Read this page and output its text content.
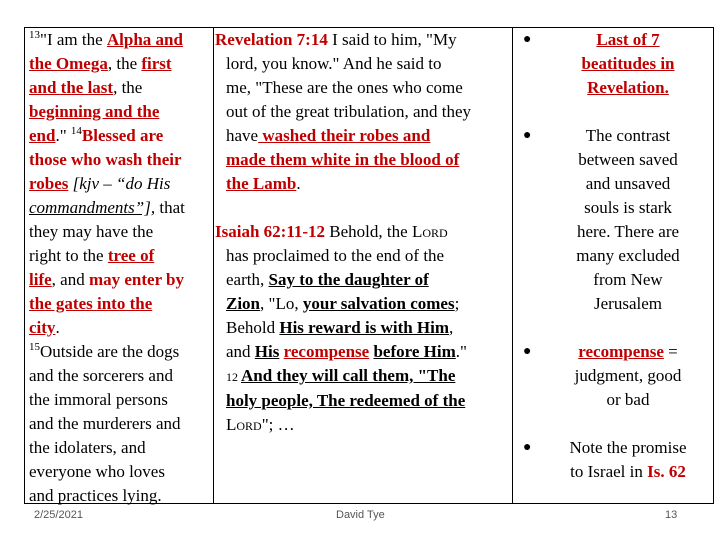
$^{13}$"I am the Alpha and
the Omega, the first
and the last, the
beginning and the
end." $^{14}$Blessed are
those who wash their
robes [kjv – “do His
commandments”], that
they may have the
right to the tree of
life, and may enter by
the gates into the
city.
$^{15}$Outside are the dogs
and the sorcerers and
the immoral persons
and the murderers and
the idolaters, and
everyone who loves
and practices lying.
Revelation 7:14 I said to him, "My
lord, you know." And he said to
me, "These are the ones who come
out of the great tribulation, and they
have washed their robes and
made them white in the blood of
the Lamb.

Isaiah 62:11-12 Behold, the Lord
has proclaimed to the end of the
earth, Say to the daughter of
Zion, "Lo, your salvation comes;
Behold His reward is with Him,
and His recompense before Him."
12 And they will call them, "The
holy people, The redeemed of the
Lord"; …
●	Last of 7
beatitudes in
Revelation.

●	The contrast
between saved
and unsaved
souls is stark
here. There are
many excluded
from New
Jerusalem

●	recompense =
judgment, good
or bad

●	Note the promise
to Israel in Is. 62
2/25/2021	David Tye	13
